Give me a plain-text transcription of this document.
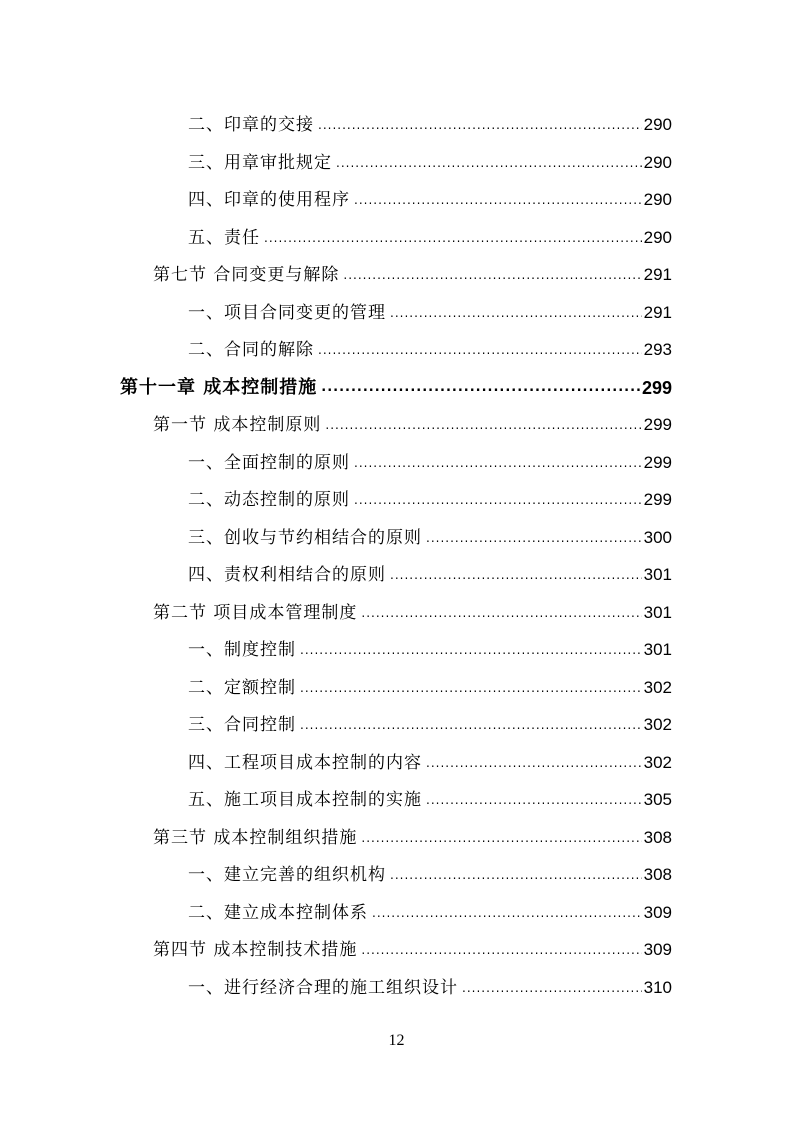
二、印章的交接 .....	290
三、用章审批规定 .....	290
四、印章的使用程序 .....	290
五、责任 .....	290
第七节 合同变更与解除 .....	291
一、项目合同变更的管理 .....	291
二、合同的解除 .....	293
第十一章 成本控制措施 .....	299
第一节 成本控制原则 .....	299
一、全面控制的原则 .....	299
二、动态控制的原则 .....	299
三、创收与节约相结合的原则 .....	300
四、责权利相结合的原则 .....	301
第二节 项目成本管理制度 .....	301
一、制度控制 .....	301
二、定额控制 .....	302
三、合同控制 .....	302
四、工程项目成本控制的内容 .....	302
五、施工项目成本控制的实施 .....	305
第三节 成本控制组织措施 .....	308
一、建立完善的组织机构 .....	308
二、建立成本控制体系 .....	309
第四节 成本控制技术措施 .....	309
一、进行经济合理的施工组织设计 .....	310
12
